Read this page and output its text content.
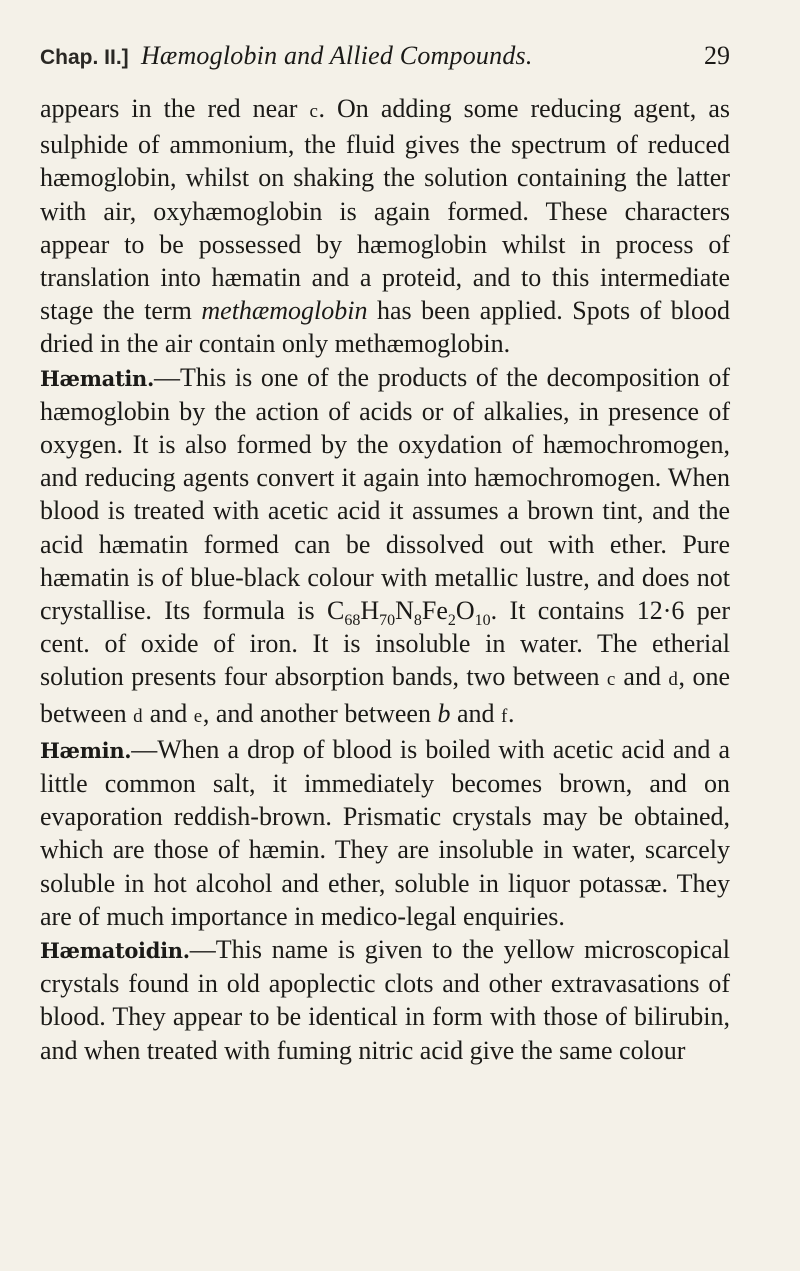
Chap. II.] Hæmoglobin and Allied Compounds.	29

appears in the red near c. On adding some reducing agent, as sulphide of ammonium, the fluid gives the spectrum of reduced hæmoglobin, whilst on shaking the solution containing the latter with air, oxyhæmoglobin is again formed. These characters appear to be possessed by hæmoglobin whilst in process of translation into hæmatin and a proteid, and to this intermediate stage the term methæmoglobin has been applied. Spots of blood dried in the air contain only methæmoglobin.

Hæmatin.—This is one of the products of the decomposition of hæmoglobin by the action of acids or of alkalies, in presence of oxygen. It is also formed by the oxydation of hæmochromogen, and reducing agents convert it again into hæmochromogen. When blood is treated with acetic acid it assumes a brown tint, and the acid hæmatin formed can be dissolved out with ether. Pure hæmatin is of blue-black colour with metallic lustre, and does not crystallise. Its formula is $C_{68}H_{70}N_8Fe_2O_{10}$. It contains 12·6 per cent. of oxide of iron. It is insoluble in water. The etherial solution presents four absorption bands, two between c and d, one between d and e, and another between b and f.

Hæmin.—When a drop of blood is boiled with acetic acid and a little common salt, it immediately becomes brown, and on evaporation reddish-brown. Prismatic crystals may be obtained, which are those of hæmin. They are insoluble in water, scarcely soluble in hot alcohol and ether, soluble in liquor potassæ. They are of much importance in medico-legal enquiries.

Hæmatoidin.—This name is given to the yellow microscopical crystals found in old apoplectic clots and other extravasations of blood. They appear to be identical in form with those of bilirubin, and when treated with fuming nitric acid give the same colour
